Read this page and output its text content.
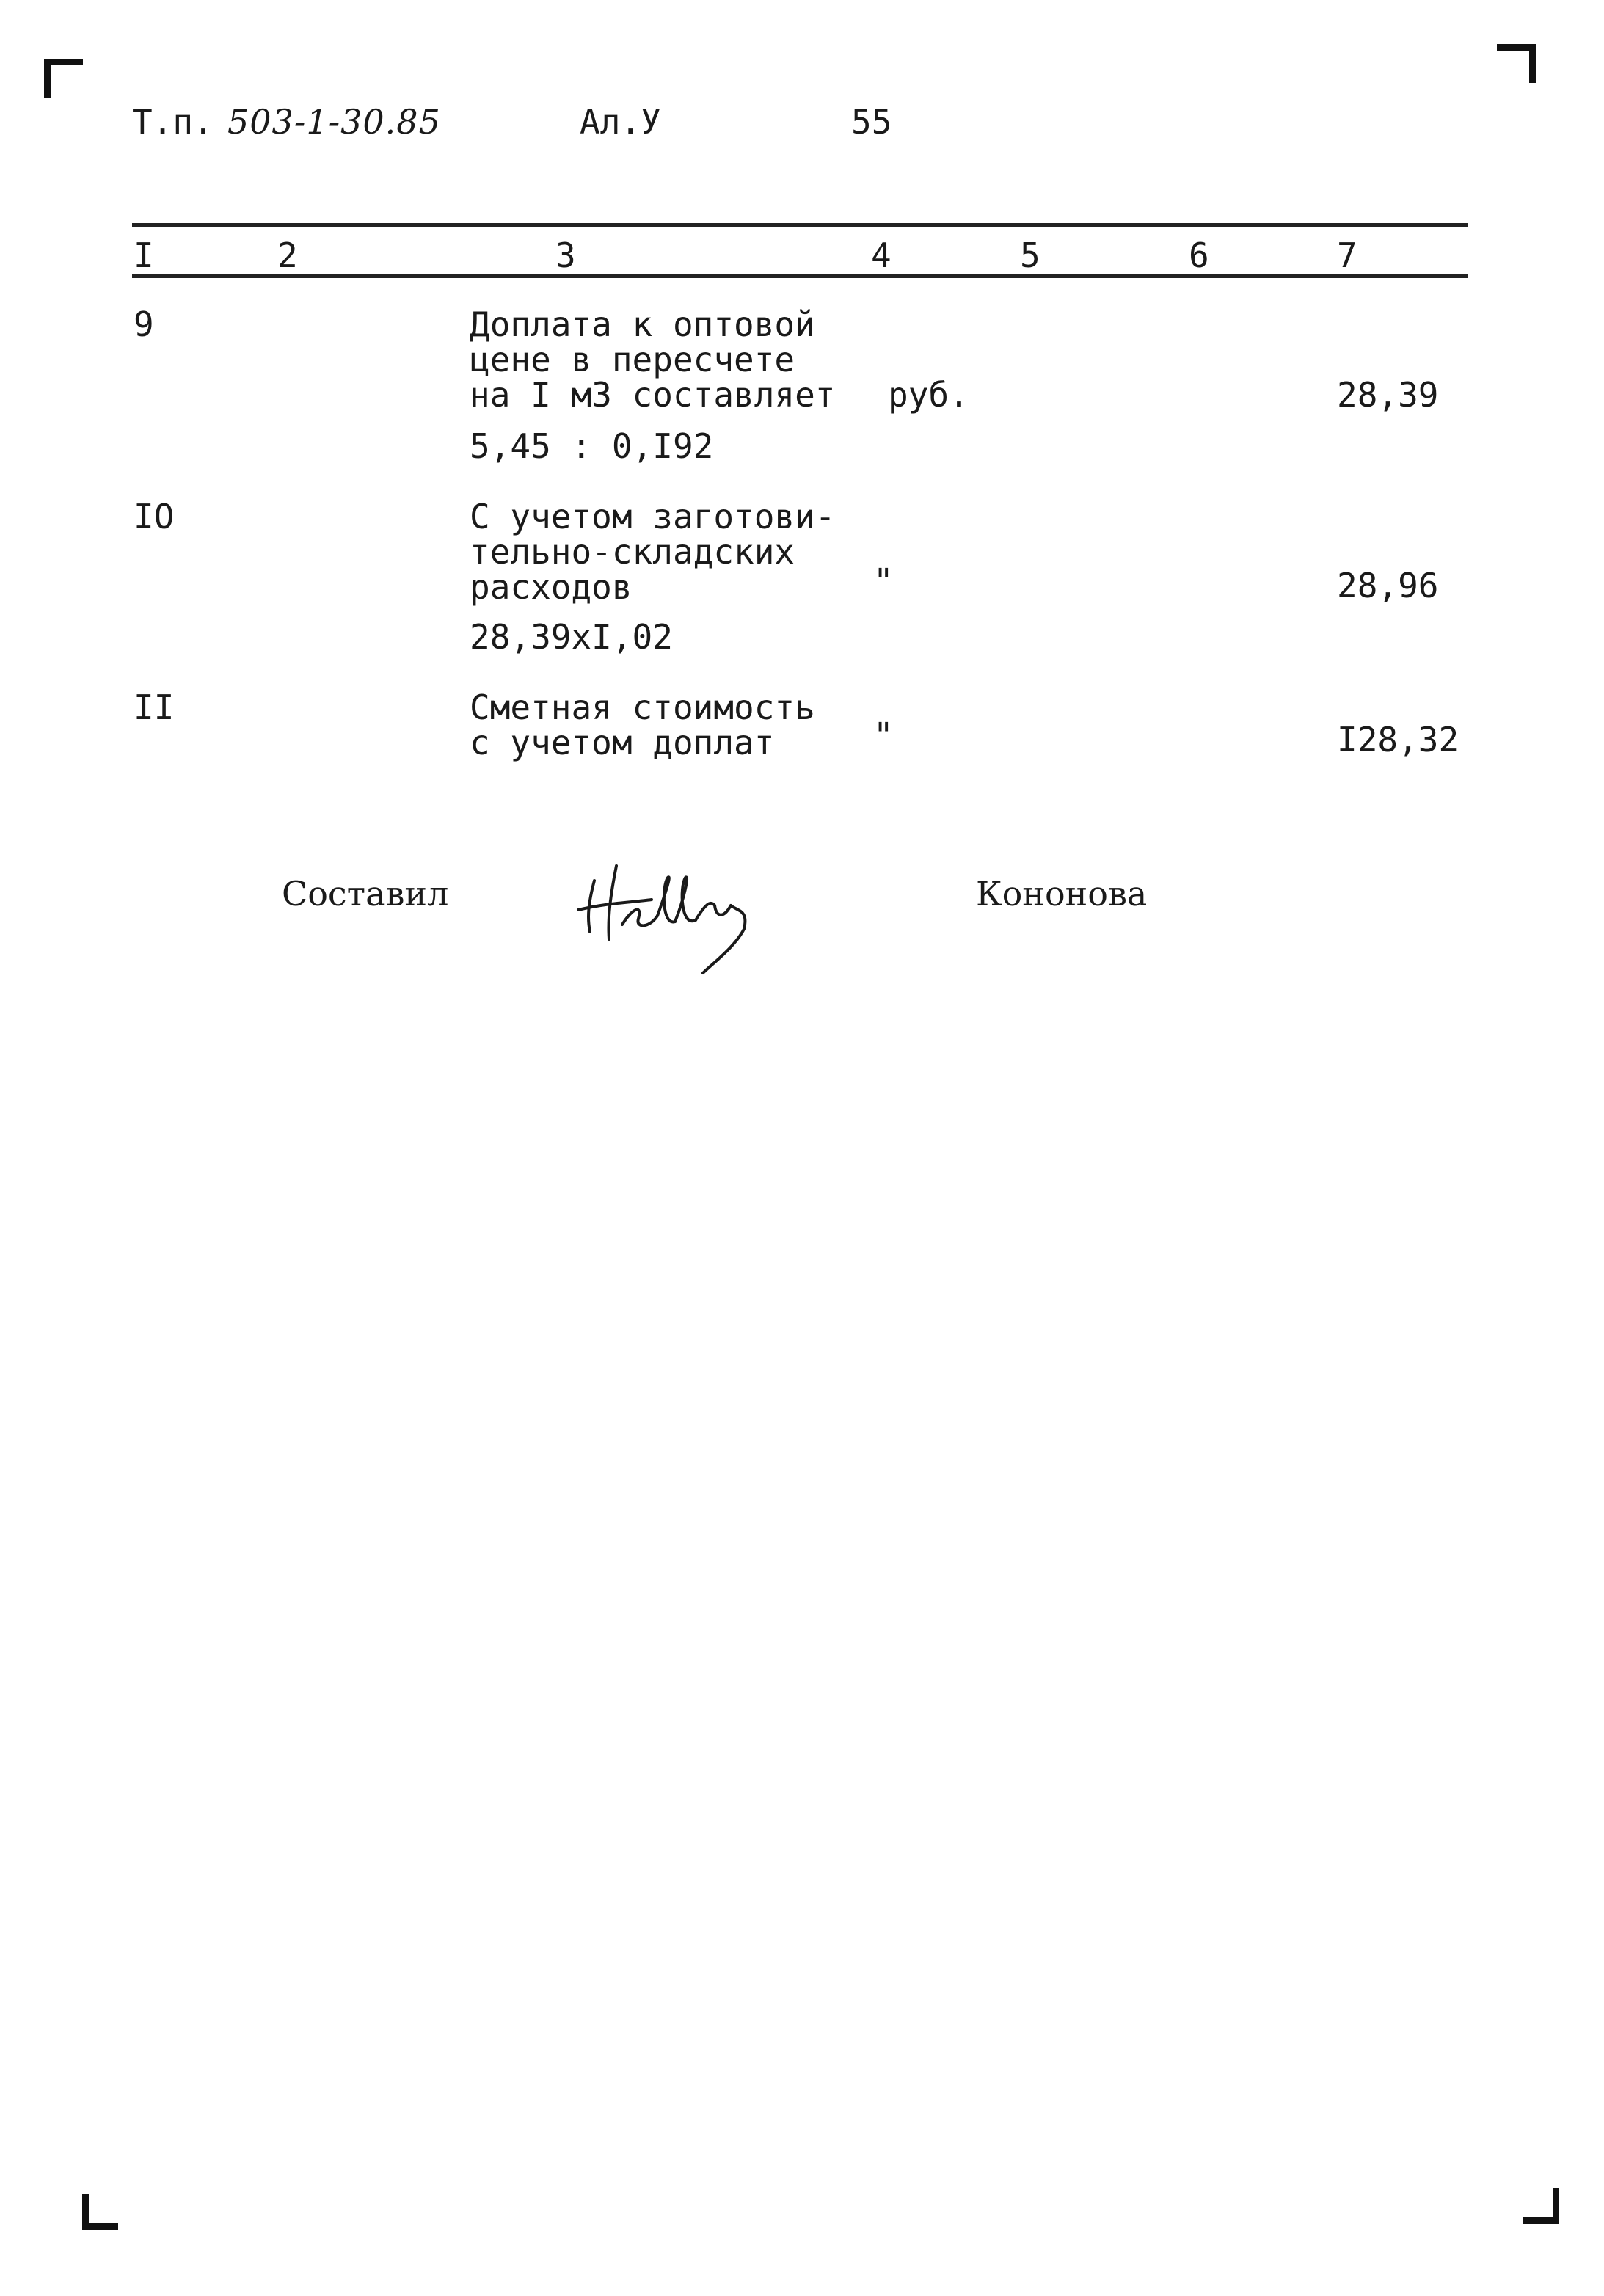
Т.п. 503-1-30.85	Ал.У	55
I	2	3	4	5	6	7
9	Доплата к оптовой
цене в пересчете
на I м3 составляет
5,45 : 0,I92
руб.	28,39
IO	С учетом заготови-
тельно-складских
расходов
28,39xI,02
"	28,96
II	Сметная стоимость
с учетом доплат	"	I28,32
Составил	Кононова
